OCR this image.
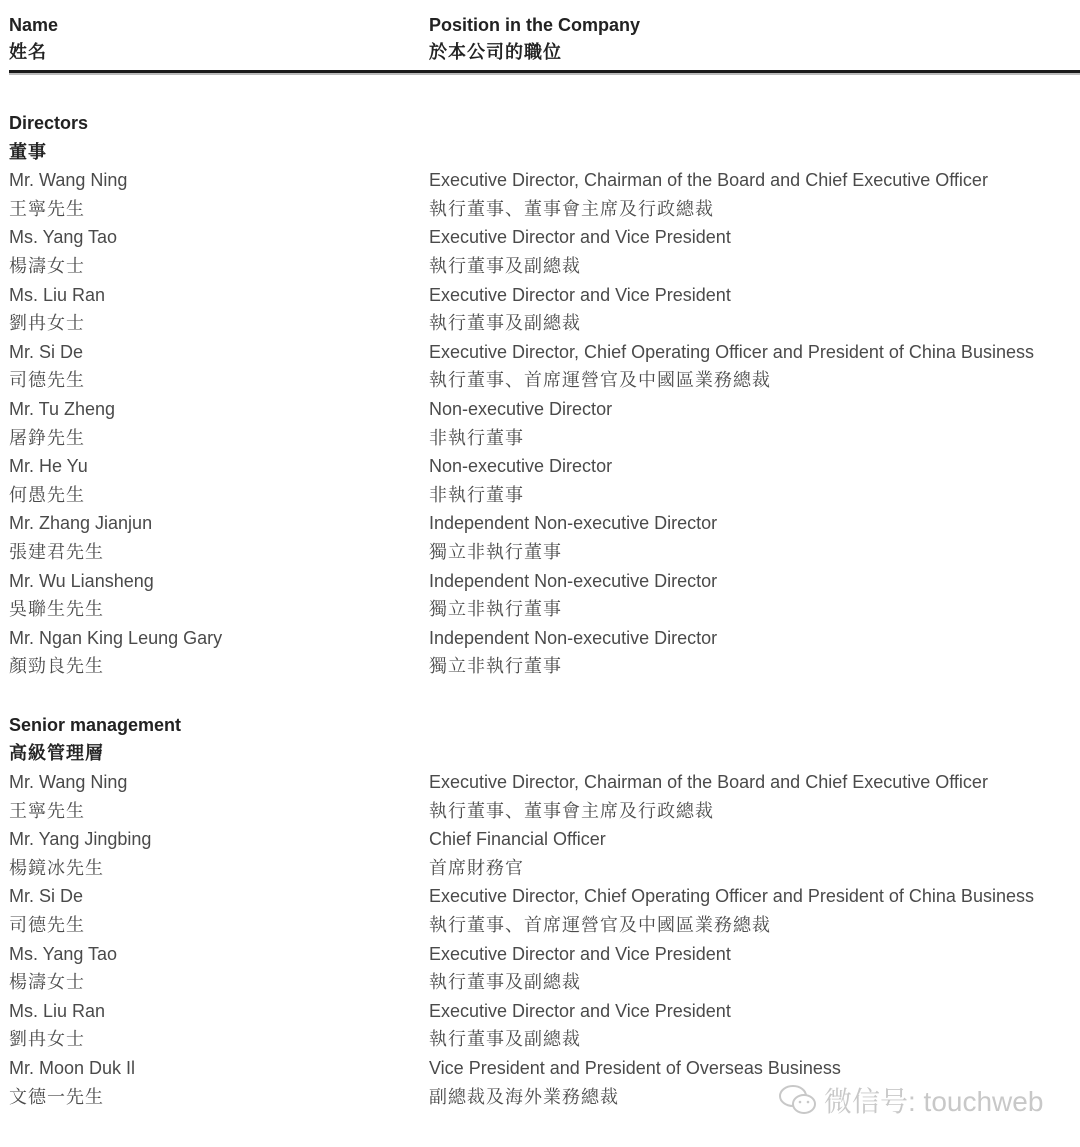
Name	Position in the Company
姓名	於本公司的職位
Directors
董事
Mr. Wang Ning	Executive Director, Chairman of the Board and Chief Executive Officer
王寧先生	執行董事、董事會主席及行政總裁
Ms. Yang Tao	Executive Director and Vice President
楊濤女士	執行董事及副總裁
Ms. Liu Ran	Executive Director and Vice President
劉冉女士	執行董事及副總裁
Mr. Si De	Executive Director, Chief Operating Officer and President of China Business
司德先生	執行董事、首席運營官及中國區業務總裁
Mr. Tu Zheng	Non-executive Director
屠錚先生	非執行董事
Mr. He Yu	Non-executive Director
何愚先生	非執行董事
Mr. Zhang Jianjun	Independent Non-executive Director
張建君先生	獨立非執行董事
Mr. Wu Liansheng	Independent Non-executive Director
吳聯生先生	獨立非執行董事
Mr. Ngan King Leung Gary	Independent Non-executive Director
顏勁良先生	獨立非執行董事
Senior management
高級管理層
Mr. Wang Ning	Executive Director, Chairman of the Board and Chief Executive Officer
王寧先生	執行董事、董事會主席及行政總裁
Mr. Yang Jingbing	Chief Financial Officer
楊鏡冰先生	首席財務官
Mr. Si De	Executive Director, Chief Operating Officer and President of China Business
司德先生	執行董事、首席運營官及中國區業務總裁
Ms. Yang Tao	Executive Director and Vice President
楊濤女士	執行董事及副總裁
Ms. Liu Ran	Executive Director and Vice President
劉冉女士	執行董事及副總裁
Mr. Moon Duk Il	Vice President and President of Overseas Business
文德一先生	副總裁及海外業務總裁	微信号: touchweb
